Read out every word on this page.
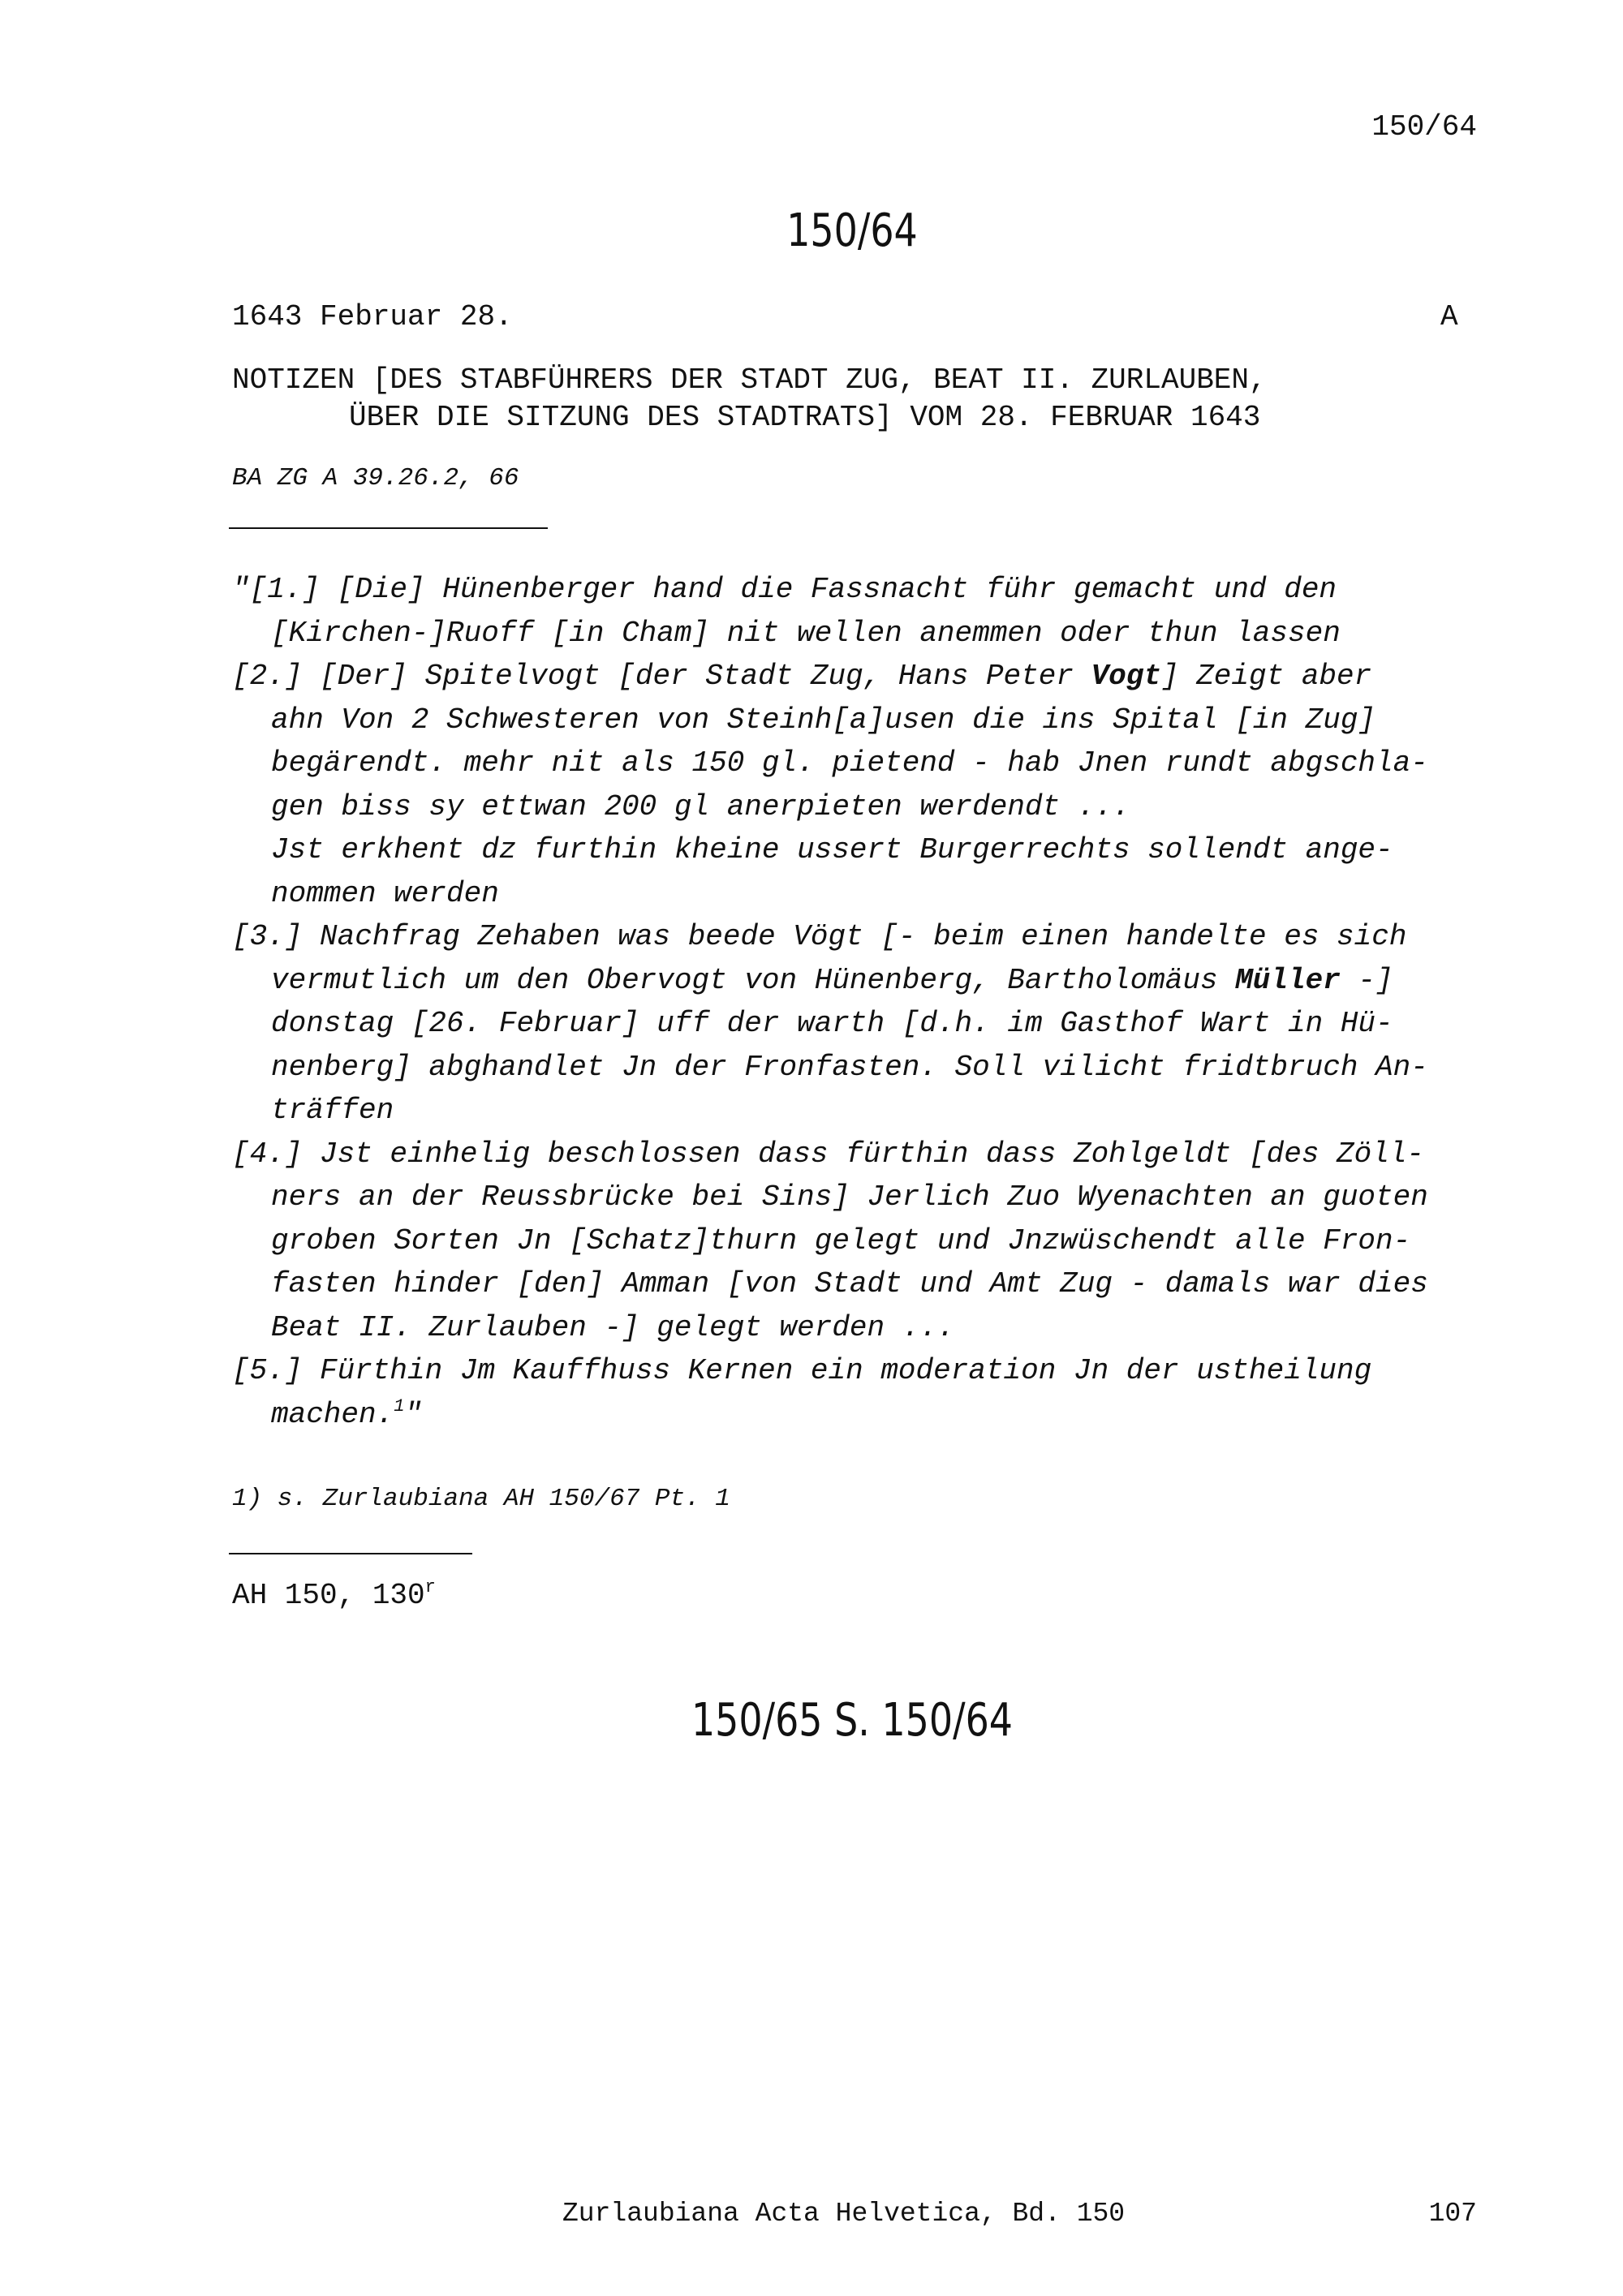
150/64
150/64
1643 Februar 28.	A
NOTIZEN [DES STABFÜHRERS DER STADT ZUG, BEAT II. ZURLAUBEN,
ÜBER DIE SITZUNG DES STADTRATS] VOM 28. FEBRUAR 1643
BA ZG A 39.26.2, 66
"[1.] [Die] Hünenberger hand die Fassnacht führ gemacht und den
[Kirchen-]Ruoff [in Cham] nit wellen anemmen oder thun lassen
[2.] [Der] Spitelvogt [der Stadt Zug, Hans Peter Vogt] Zeigt aber
ahn Von 2 Schwesteren von Steinh[a]usen die ins Spital [in Zug]
begärendt. mehr nit als 150 gl. pietend - hab Jnen rundt abgschla-
gen biss sy ettwan 200 gl anerpieten werdendt ...
Jst erkhent dz furthin kheine ussert Burgerrechts sollendt ange-
nommen werden
[3.] Nachfrag Zehaben was beede Vögt [- beim einen handelte es sich
vermutlich um den Obervogt von Hünenberg, Bartholomäus Müller -]
donstag [26. Februar] uff der warth [d.h. im Gasthof Wart in Hü-
nenberg] abghandlet Jn der Fronfasten. Soll vilicht fridtbruch An-
träffen
[4.] Jst einhelig beschlossen dass fürthin dass Zohlgeldt [des Zöll-
ners an der Reussbrücke bei Sins] Jerlich Zuo Wyenachten an guoten
groben Sorten Jn [Schatz]thurn gelegt und Jnzwüschendt alle Fron-
fasten hinder [den] Amman [von Stadt und Amt Zug - damals war dies
Beat II. Zurlauben -] gelegt werden ...
[5.] Fürthin Jm Kauffhuss Kernen ein moderation Jn der ustheilung
machen.$^1$"
1) s. Zurlaubiana AH 150/67 Pt. 1
AH 150, 130$^r$
150/65 S. 150/64
Zurlaubiana Acta Helvetica, Bd. 150	107
